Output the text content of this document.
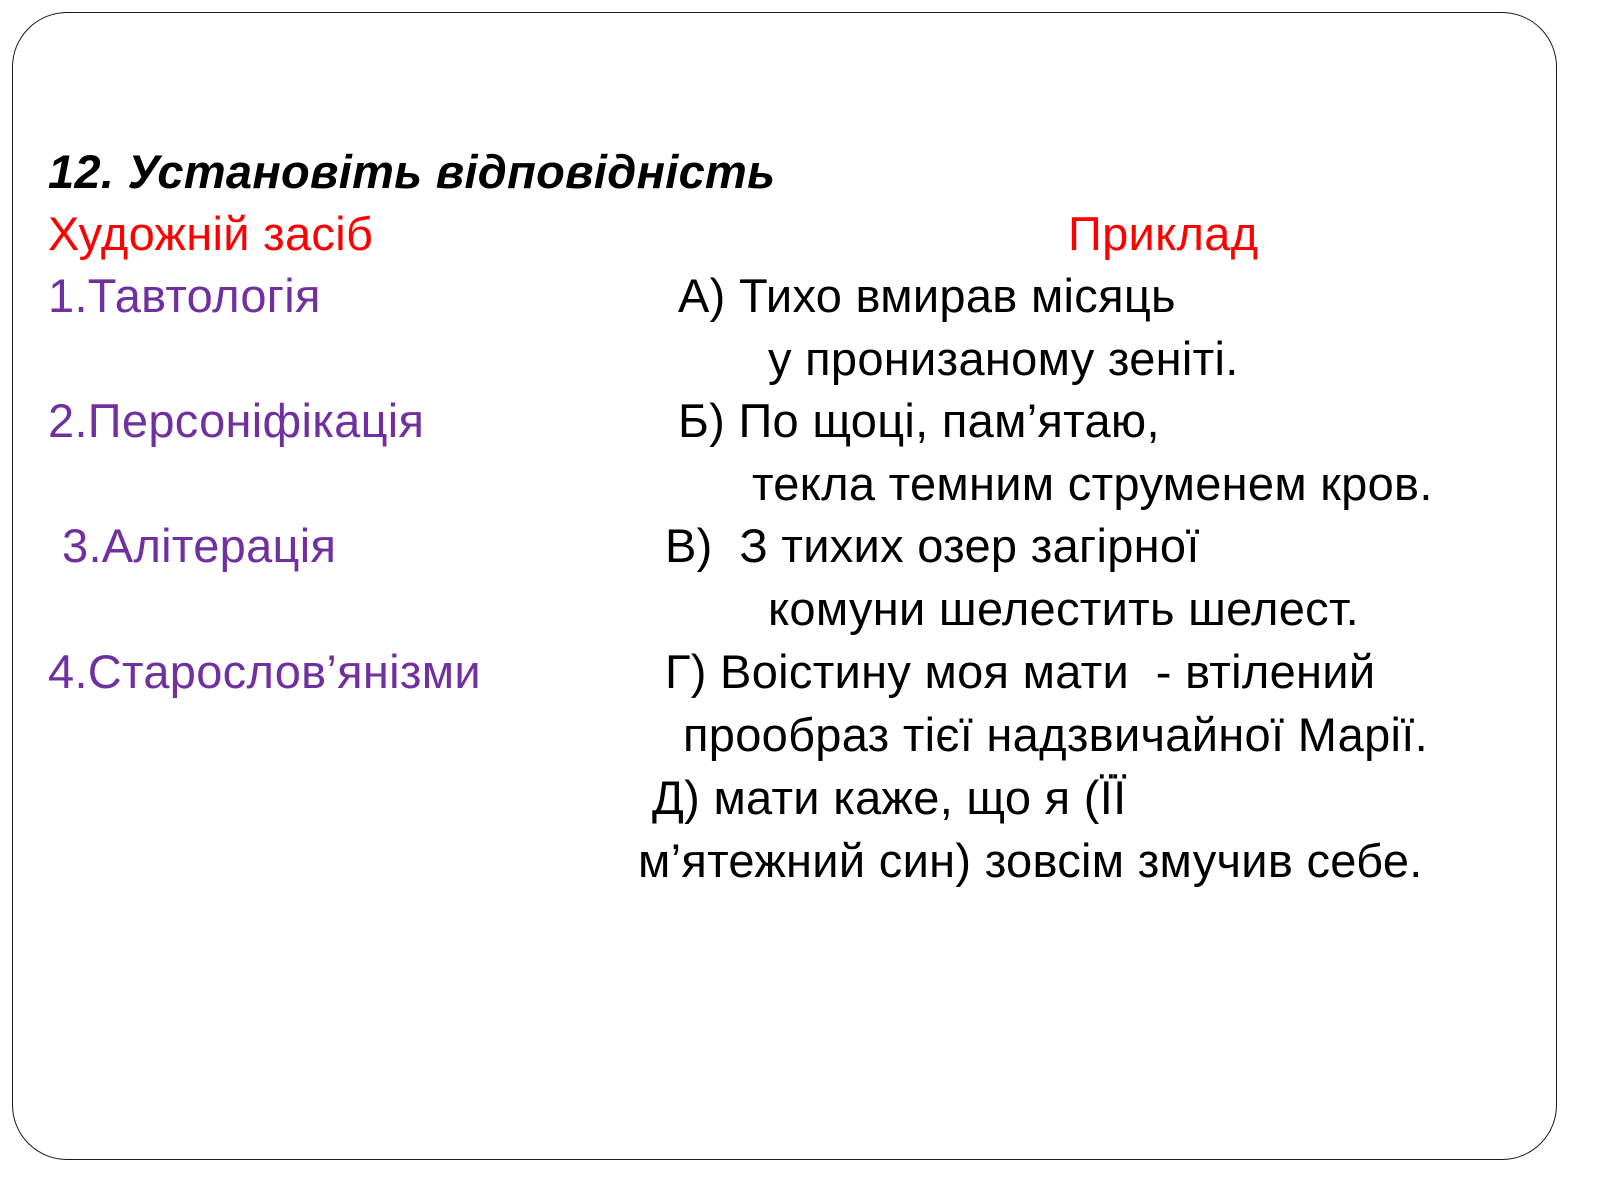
12. Установіть відповідність
Художній засіб	Приклад
1.Тавтологія
2.Персоніфікація
3.Алітерація
4.Старослов’янізми
А) Тихо вмирав місяць
у пронизаному зеніті.
Б) По щоці, пам’ятаю,
текла темним струменем кров.
В)  З тихих озер загірної
комуни шелестить шелест.
Г) Воістину моя мати  - втілений
прообраз тієї надзвичайної Марії.
Д) мати каже, що я (ЇЇ
м’ятежний син) зовсім змучив себе.
